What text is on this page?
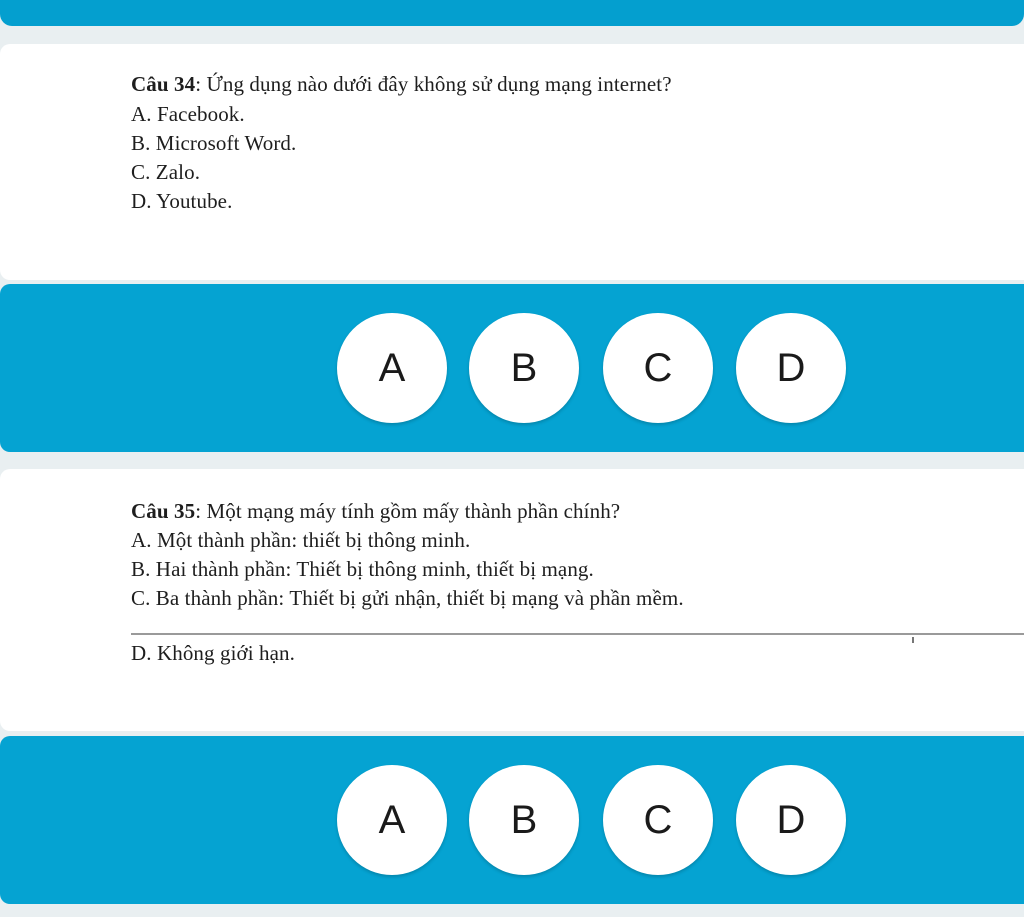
Câu 34: Ứng dụng nào dưới đây không sử dụng mạng internet?
A. Facebook.
B. Microsoft Word.
C. Zalo.
D. Youtube.
A	B	C	D
Câu 35: Một mạng máy tính gồm mấy thành phần chính?
A. Một thành phần: thiết bị thông minh.
B. Hai thành phần: Thiết bị thông minh, thiết bị mạng.
C. Ba thành phần: Thiết bị gửi nhận, thiết bị mạng và phần mềm.
D. Không giới hạn.
A	B	C	D
